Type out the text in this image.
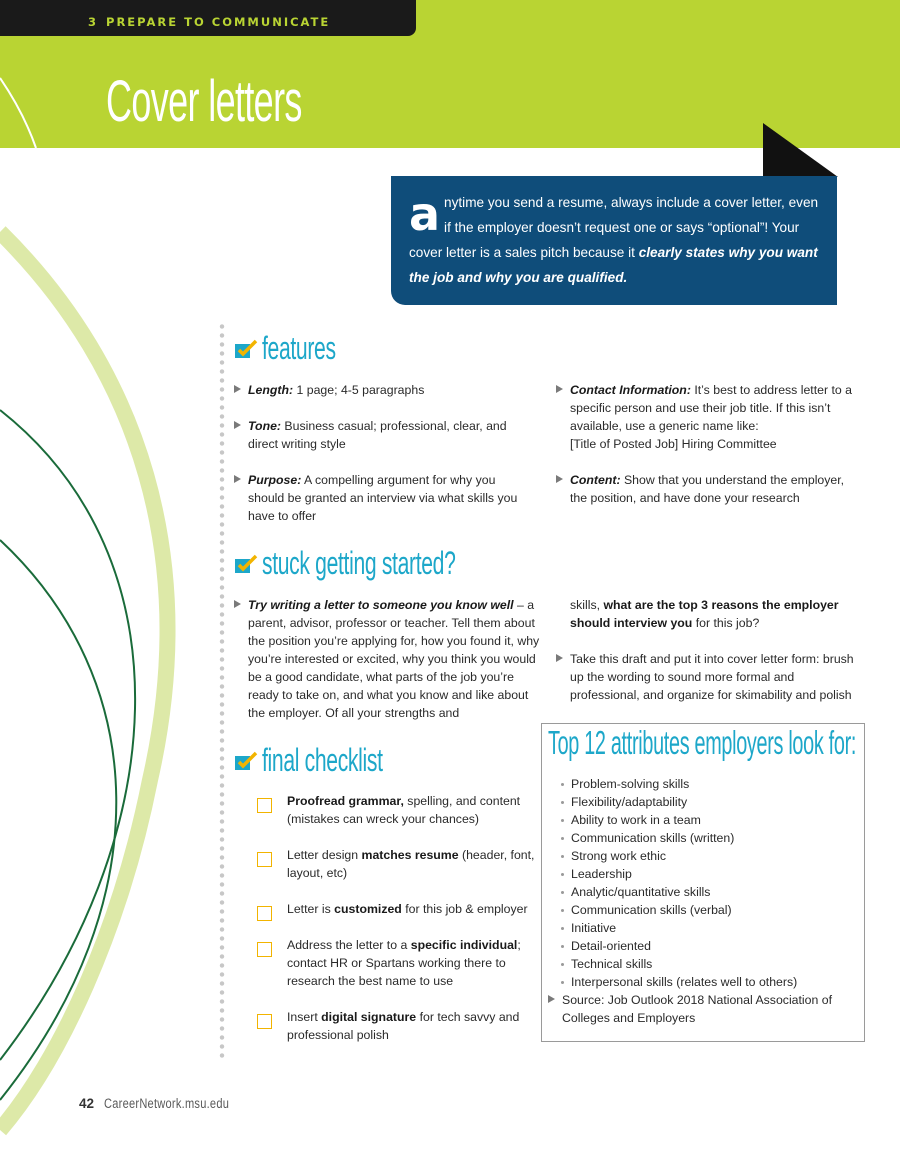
3 PREPARE TO COMMUNICATE
Cover letters
anytime you send a resume, always include a cover letter, even if the employer doesn’t request one or says “optional”! Your cover letter is a sales pitch because it clearly states why you want the job and why you are qualified.
features
Length: 1 page; 4-5 paragraphs
Tone: Business casual; professional, clear, and direct writing style
Purpose: A compelling argument for why you should be granted an interview via what skills you have to offer
Contact Information: It’s best to address letter to a specific person and use their job title. If this isn’t available, use a generic name like:
[Title of Posted Job] Hiring Committee
Content: Show that you understand the employer, the position, and have done your research
stuck getting started?
Try writing a letter to someone you know well – a parent, advisor, professor or teacher. Tell them about the position you’re applying for, how you found it, why you’re interested or excited, why you think you would be a good candidate, what parts of the job you’re ready to take on, and what you know and like about the employer. Of all your strengths and
skills, what are the top 3 reasons the employer should interview you for this job?
Take this draft and put it into cover letter form: brush up the wording to sound more formal and professional, and organize for skimability and polish
final checklist
Proofread grammar, spelling, and content (mistakes can wreck your chances)
Letter design matches resume (header, font, layout, etc)
Letter is customized for this job & employer
Address the letter to a specific individual; contact HR or Spartans working there to research the best name to use
Insert digital signature for tech savvy and professional polish
Top 12 attributes employers look for:
Problem-solving skills
Flexibility/adaptability
Ability to work in a team
Communication skills (written)
Strong work ethic
Leadership
Analytic/quantitative skills
Communication skills (verbal)
Initiative
Detail-oriented
Technical skills
Interpersonal skills (relates well to others)
Source: Job Outlook 2018 National Association of Colleges and Employers
42 CareerNetwork.msu.edu
